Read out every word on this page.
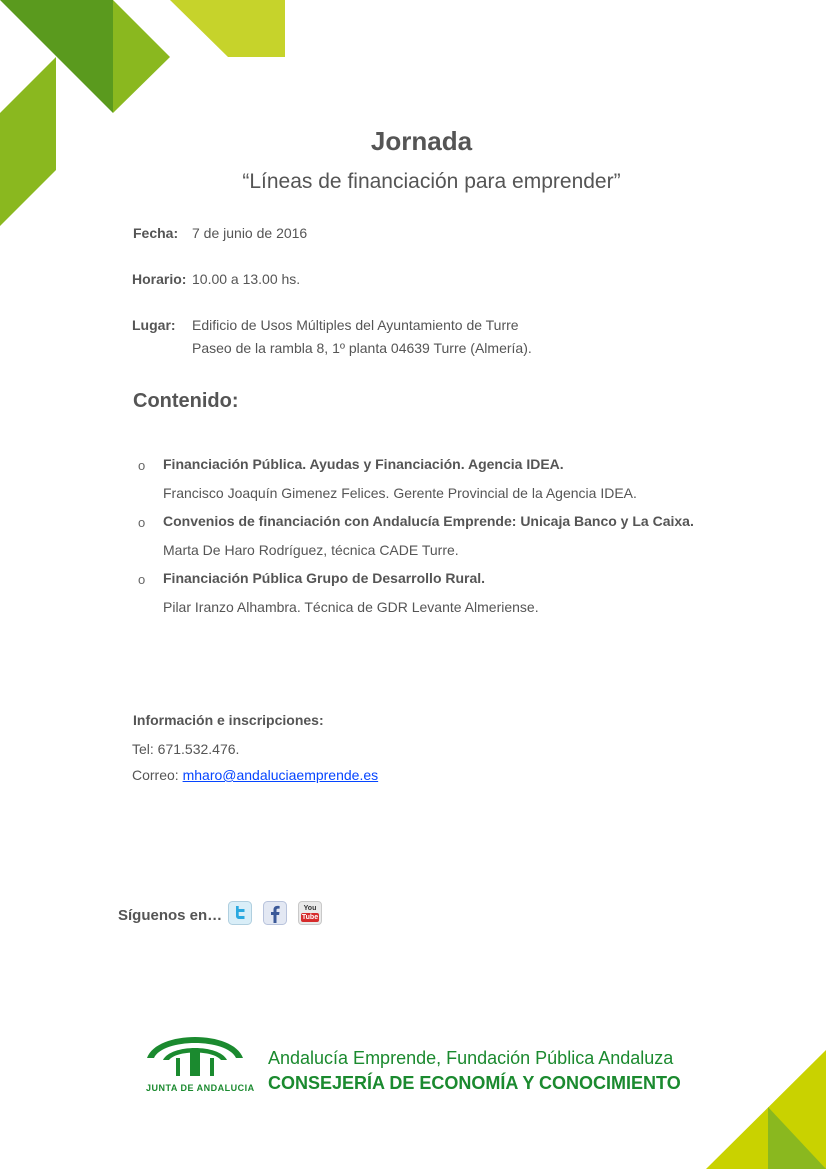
Jornada
“Líneas de financiación para emprender”
Fecha: 7 de junio de 2016
Horario: 10.00 a 13.00 hs.
Lugar: Edificio de Usos Múltiples del Ayuntamiento de Turre
Paseo de la rambla 8, 1º planta 04639 Turre (Almería).
Contenido:
o Financiación Pública. Ayudas y Financiación. Agencia IDEA.
Francisco Joaquín Gimenez Felices. Gerente Provincial de la Agencia IDEA.
o Convenios de financiación con Andalucía Emprende: Unicaja Banco y La Caixa.
Marta De Haro Rodríguez, técnica CADE Turre.
o Financiación Pública Grupo de Desarrollo Rural.
Pilar Iranzo Alhambra. Técnica de GDR Levante Almeriense.
Información e inscripciones:
Tel: 671.532.476.
Correo: mharo@andaluciaemprende.es
Síguenos en…	You
Tube
JUNTA DE ANDALUCIA
Andalucía Emprende, Fundación Pública Andaluza
CONSEJERÍA DE ECONOMÍA Y CONOCIMIENTO
